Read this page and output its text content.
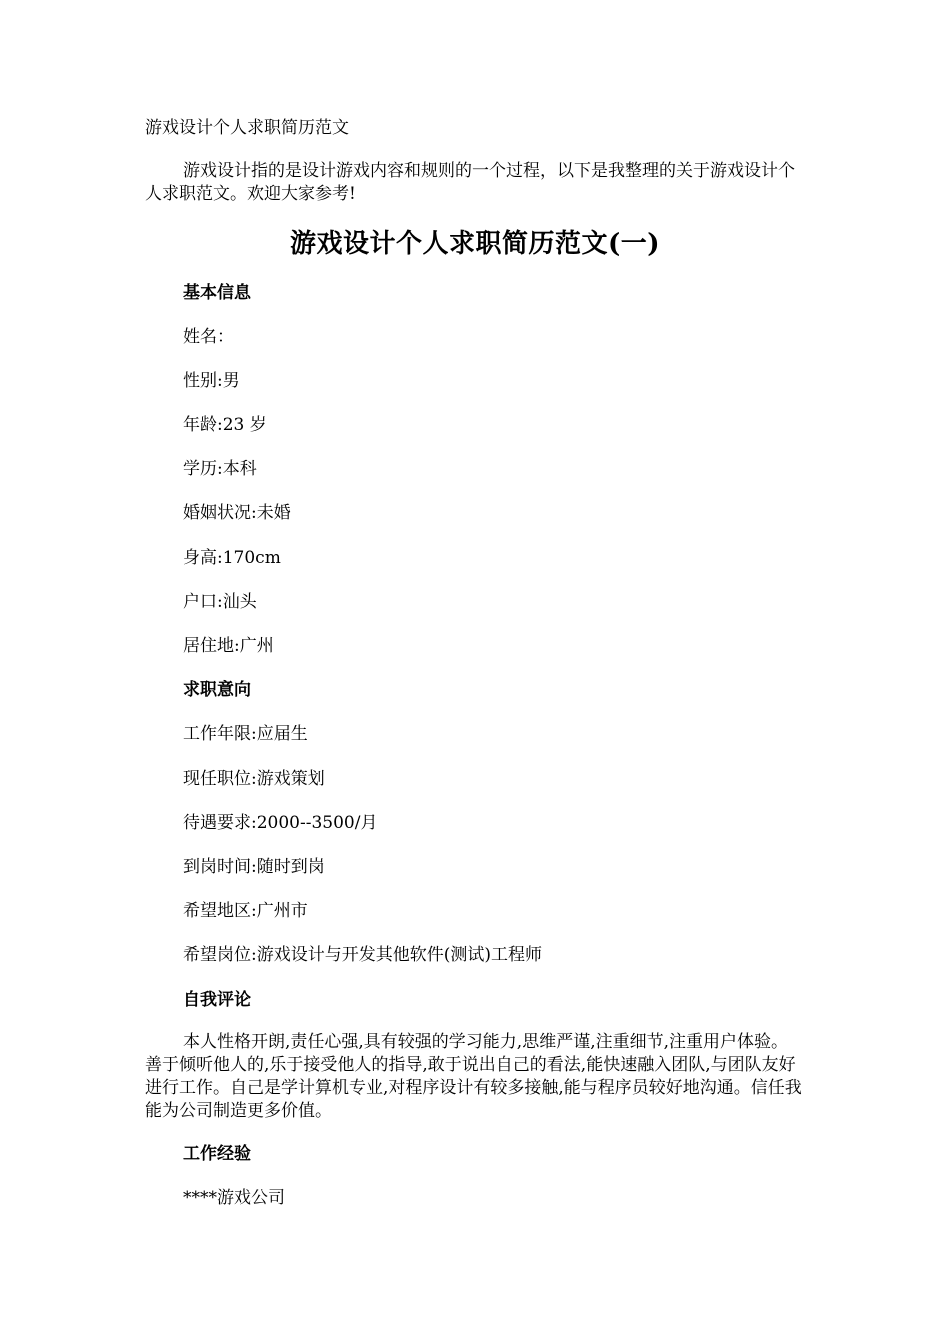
游戏设计个人求职简历范文
游戏设计指的是设计游戏内容和规则的一个过程，以下是我整理的关于游戏设计个人求职范文。欢迎大家参考!
游戏设计个人求职简历范文(一)
基本信息
姓名：
性别:男
年龄:23 岁
学历:本科
婚姻状况:未婚
身高:170cm
户口:汕头
居住地:广州
求职意向
工作年限:应届生
现任职位:游戏策划
待遇要求:2000--3500/月
到岗时间:随时到岗
希望地区:广州市
希望岗位:游戏设计与开发其他软件(测试)工程师
自我评论
本人性格开朗,责任心强,具有较强的学习能力,思维严谨,注重细节,注重用户体验。善于倾听他人的,乐于接受他人的指导,敢于说出自己的看法,能快速融入团队,与团队友好进行工作。自己是学计算机专业,对程序设计有较多接触,能与程序员较好地沟通。信任我能为公司制造更多价值。
工作经验
****游戏公司
